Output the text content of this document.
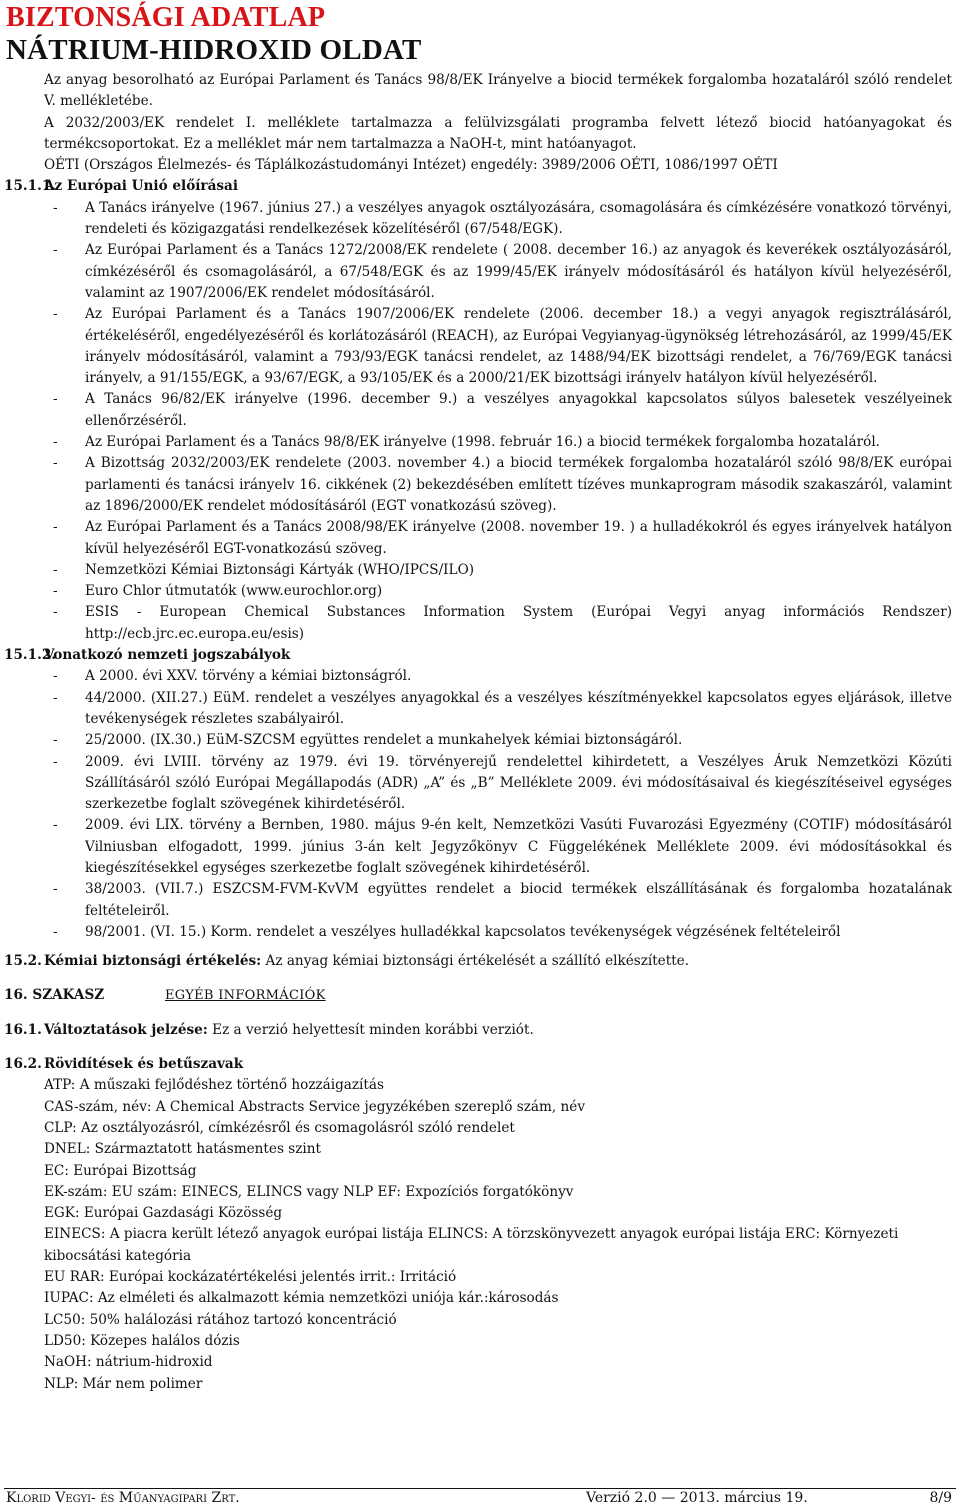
BIZTONSÁGI ADATLAP
NÁTRIUM-HIDROXID OLDAT

Az anyag besorolható az Európai Parlament és Tanács 98/8/EK Irányelve a biocid termékek forgalomba hozataláról szóló rendelet V. mellékletébe.

A 2032/2003/EK rendelet I. melléklete tartalmazza a felülvizsgálati programba felvett létező biocid hatóanyagokat és termékcsoportokat. Ez a melléklet már nem tartalmazza a NaOH-t, mint hatóanyagot.

OÉTI (Országos Élelmezés- és Táplálkozástudományi Intézet) engedély: 3989/2006 OÉTI, 1086/1997 OÉTI

15.1.1.
Az Európai Unió előírásai
- A Tanács irányelve (1967. június 27.) a veszélyes anyagok osztályozására, csomagolására és címkézésére vonatkozó törvényi, rendeleti és közigazgatási rendelkezések közelítéséről (67/548/EGK).
- Az Európai Parlament és a Tanács 1272/2008/EK rendelete ( 2008. december 16.) az anyagok és keverékek osztályozásáról, címkézéséről és csomagolásáról, a 67/548/EGK és az 1999/45/EK irányelv módosításáról és hatályon kívül helyezéséről, valamint az 1907/2006/EK rendelet módosításáról.
- Az Európai Parlament és a Tanács 1907/2006/EK rendelete (2006. december 18.) a vegyi anyagok regisztrálásáról, értékeléséről, engedélyezéséről és korlátozásáról (REACH), az Európai Vegyianyag-ügynökség létrehozásáról, az 1999/45/EK irányelv módosításáról, valamint a 793/93/EGK tanácsi rendelet, az 1488/94/EK bizottsági rendelet, a 76/769/EGK tanácsi irányelv, a 91/155/EGK, a 93/67/EGK, a 93/105/EK és a 2000/21/EK bizottsági irányelv hatályon kívül helyezéséről.
- A Tanács 96/82/EK irányelve (1996. december 9.) a veszélyes anyagokkal kapcsolatos súlyos balesetek veszélyeinek ellenőrzéséről.
- Az Európai Parlament és a Tanács 98/8/EK irányelve (1998. február 16.) a biocid termékek forgalomba hozataláról.
- A Bizottság 2032/2003/EK rendelete (2003. november 4.) a biocid termékek forgalomba hozataláról szóló 98/8/EK európai parlamenti és tanácsi irányelv 16. cikkének (2) bekezdésében említett tízéves munkaprogram második szakaszáról, valamint az 1896/2000/EK rendelet módosításáról (EGT vonatkozású szöveg).
- Az Európai Parlament és a Tanács 2008/98/EK irányelve (2008. november 19. ) a hulladékokról és egyes irányelvek hatályon kívül helyezéséről EGT-vonatkozású szöveg.
- Nemzetközi Kémiai Biztonsági Kártyák (WHO/IPCS/ILO)
- Euro Chlor útmutatók (www.eurochlor.org)
- ESIS - European Chemical Substances Information System (Európai Vegyi anyag információs Rendszer) http://ecb.jrc.ec.europa.eu/esis)
15.1.2.
Vonatkozó nemzeti jogszabályok
- A 2000. évi XXV. törvény a kémiai biztonságról.
- 44/2000. (XII.27.) EüM. rendelet a veszélyes anyagokkal és a veszélyes készítményekkel kapcsolatos egyes eljárások, illetve tevékenységek részletes szabályairól.
- 25/2000. (IX.30.) EüM-SZCSM együttes rendelet a munkahelyek kémiai biztonságáról.
- 2009. évi LVIII. törvény az 1979. évi 19. törvényerejű rendelettel kihirdetett, a Veszélyes Áruk Nemzetközi Közúti Szállításáról szóló Európai Megállapodás (ADR) „A” és „B” Melléklete 2009. évi módosításaival és kiegészítéseivel egységes szerkezetbe foglalt szövegének kihirdetéséről.
- 2009. évi LIX. törvény a Bernben, 1980. május 9-én kelt, Nemzetközi Vasúti Fuvarozási Egyezmény (COTIF) módosításáról Vilniusban elfogadott, 1999. június 3-án kelt Jegyzőkönyv C Függelékének Melléklete 2009. évi módosításokkal és kiegészítésekkel egységes szerkezetbe foglalt szövegének kihirdetéséről.
- 38/2003. (VII.7.) ESZCSM-FVM-KvVM együttes rendelet a biocid termékek elszállításának és forgalomba hozatalának feltételeiről.
- 98/2001. (VI. 15.) Korm. rendelet a veszélyes hulladékkal kapcsolatos tevékenységek végzésének feltételeiről
15.2. Kémiai biztonsági értékelés: Az anyag kémiai biztonsági értékelését a szállító elkészítette.
16. SZAKASZ	EGYÉB INFORMÁCIÓK
16.1. Változtatások jelzése: Ez a verzió helyettesít minden korábbi verziót.
16.2. Rövidítések és betűszavak
ATP: A műszaki fejlődéshez történő hozzáigazítás
CAS-szám, név: A Chemical Abstracts Service jegyzékében szereplő szám, név
CLP: Az osztályozásról, címkézésről és csomagolásról szóló rendelet
DNEL: Származtatott hatásmentes szint
EC: Európai Bizottság
EK-szám: EU szám: EINECS, ELINCS vagy NLP EF: Expozíciós forgatókönyv
EGK: Európai Gazdasági Közösség
EINECS: A piacra került létező anyagok európai listája ELINCS: A törzskönyvezett anyagok európai listája ERC: Környezeti kibocsátási kategória
EU RAR: Európai kockázatértékelési jelentés irrit.: Irritáció
IUPAC: Az elméleti és alkalmazott kémia nemzetközi uniója kár.:károsodás
LC50: 50% halálozási rátához tartozó koncentráció
LD50: Közepes halálos dózis
NaOH: nátrium-hidroxid
NLP: Már nem polimer
Klorid Vegyi- és Műanyagipari Zrt.	Verzió 2.0 — 2013. március 19.	8/9
